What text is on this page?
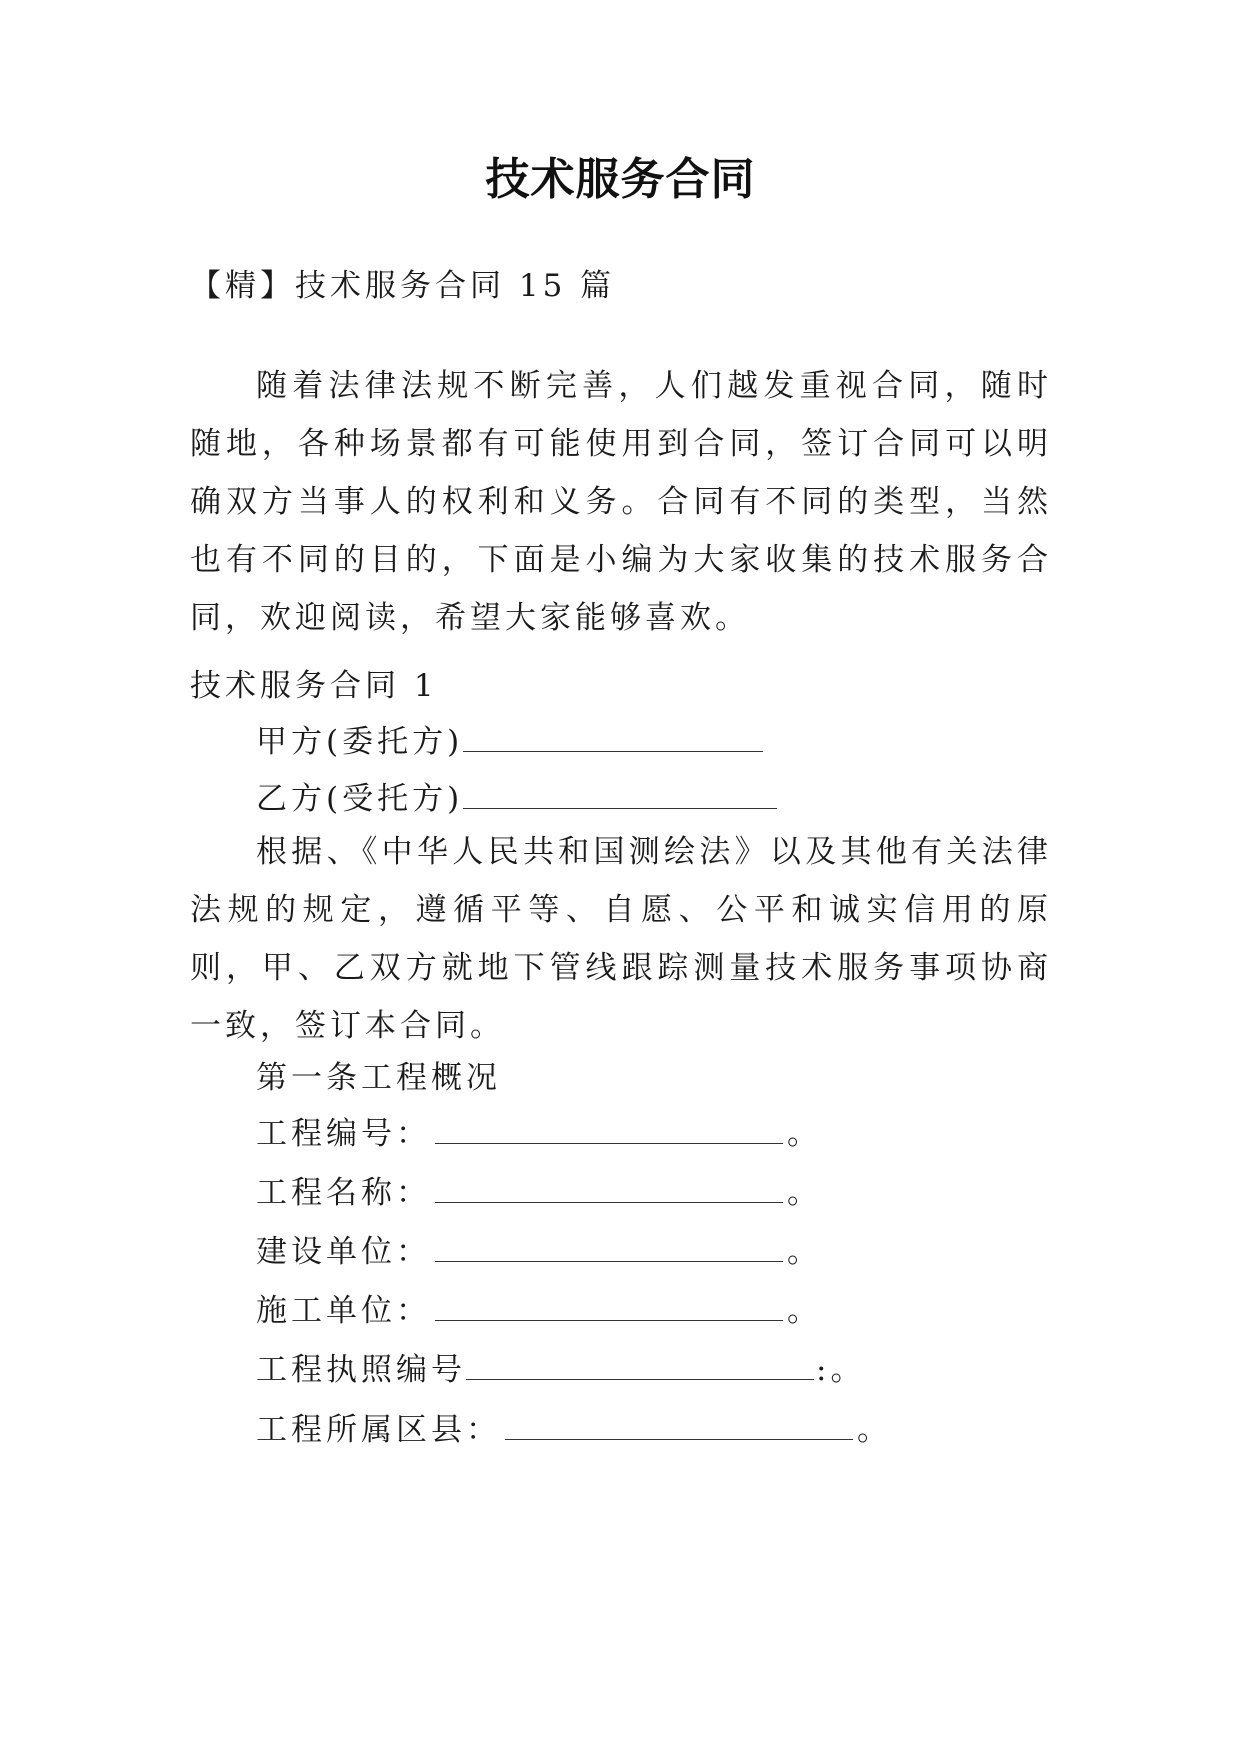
技术服务合同
【精】技术服务合同 15 篇
随着法律法规不断完善，人们越发重视合同，随时随地，各种场景都有可能使用到合同，签订合同可以明确双方当事人的权利和义务。合同有不同的类型，当然也有不同的目的，下面是小编为大家收集的技术服务合同，欢迎阅读，希望大家能够喜欢。
技术服务合同 1
甲方(委托方)
乙方(受托方)
根据、《中华人民共和国测绘法》以及其他有关法律法规的规定，遵循平等、自愿、公平和诚实信用的原则，甲、乙双方就地下管线跟踪测量技术服务事项协商一致，签订本合同。
第一条工程概况
工程编号：	。
工程名称：	。
建设单位：	。
施工单位：	。
工程执照编号	:。
工程所属区县：	。
